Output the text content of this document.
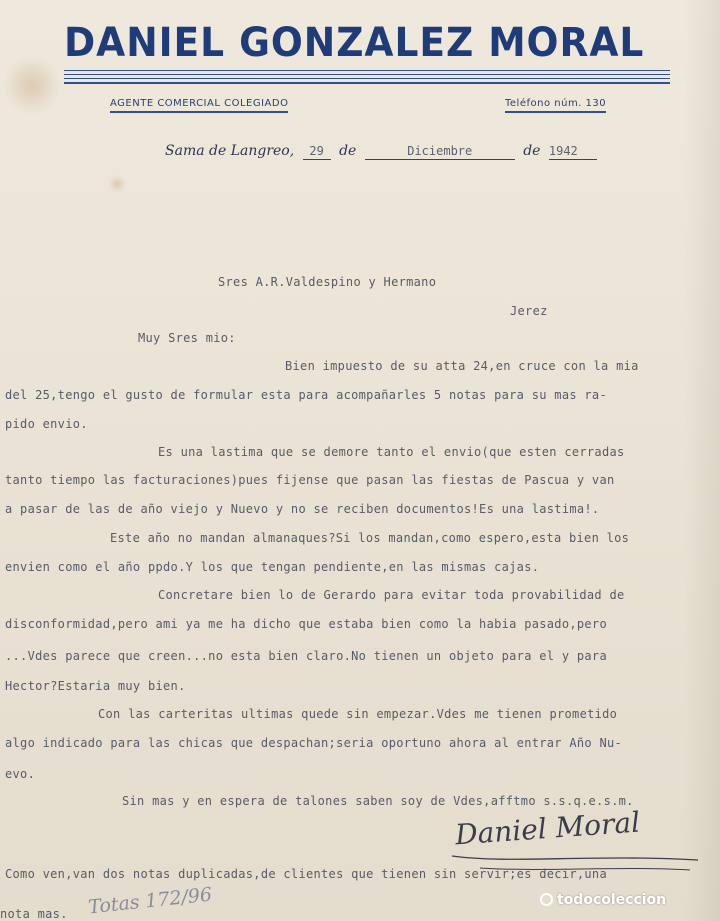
DANIEL GONZALEZ MORAL
AGENTE COMERCIAL COLEGIADO	Teléfono núm. 130
Sama de Langreo, 29 de	Diciembre	de 1942
Sres A.R.Valdespino y Hermano
Jerez
Muy Sres mio:
Bien impuesto de su atta 24,en cruce con la mia
del 25,tengo el gusto de formular esta para acompañarles 5 notas para su mas ra-
pido envio.
Es una lastima que se demore tanto el envio(que esten cerradas
tanto tiempo las facturaciones)pues fijense que pasan las fiestas de Pascua y van
a pasar de las de año viejo y Nuevo y no se reciben documentos!Es una lastima!.
Este año no mandan almanaques?Si los mandan,como espero,esta bien los
envien como el año ppdo.Y los que tengan pendiente,en las mismas cajas.
Concretare bien lo de Gerardo para evitar toda provabilidad de
disconformidad,pero ami ya me ha dicho que estaba bien como la habia pasado,pero
...Vdes parece que creen...no esta bien claro.No tienen un objeto para el y para
Hector?Estaria muy bien.
Con las carteritas ultimas quede sin empezar.Vdes me tienen prometido
algo indicado para las chicas que despachan;seria oportuno ahora al entrar Año Nu-
evo.
Sin mas y en espera de talones saben soy de Vdes,afftmo s.s.q.e.s.m.
Daniel Moral
Como ven,van dos notas duplicadas,de clientes que tienen sin servir;es decir,una
nota mas. Totas 172/96	todocoleccion
